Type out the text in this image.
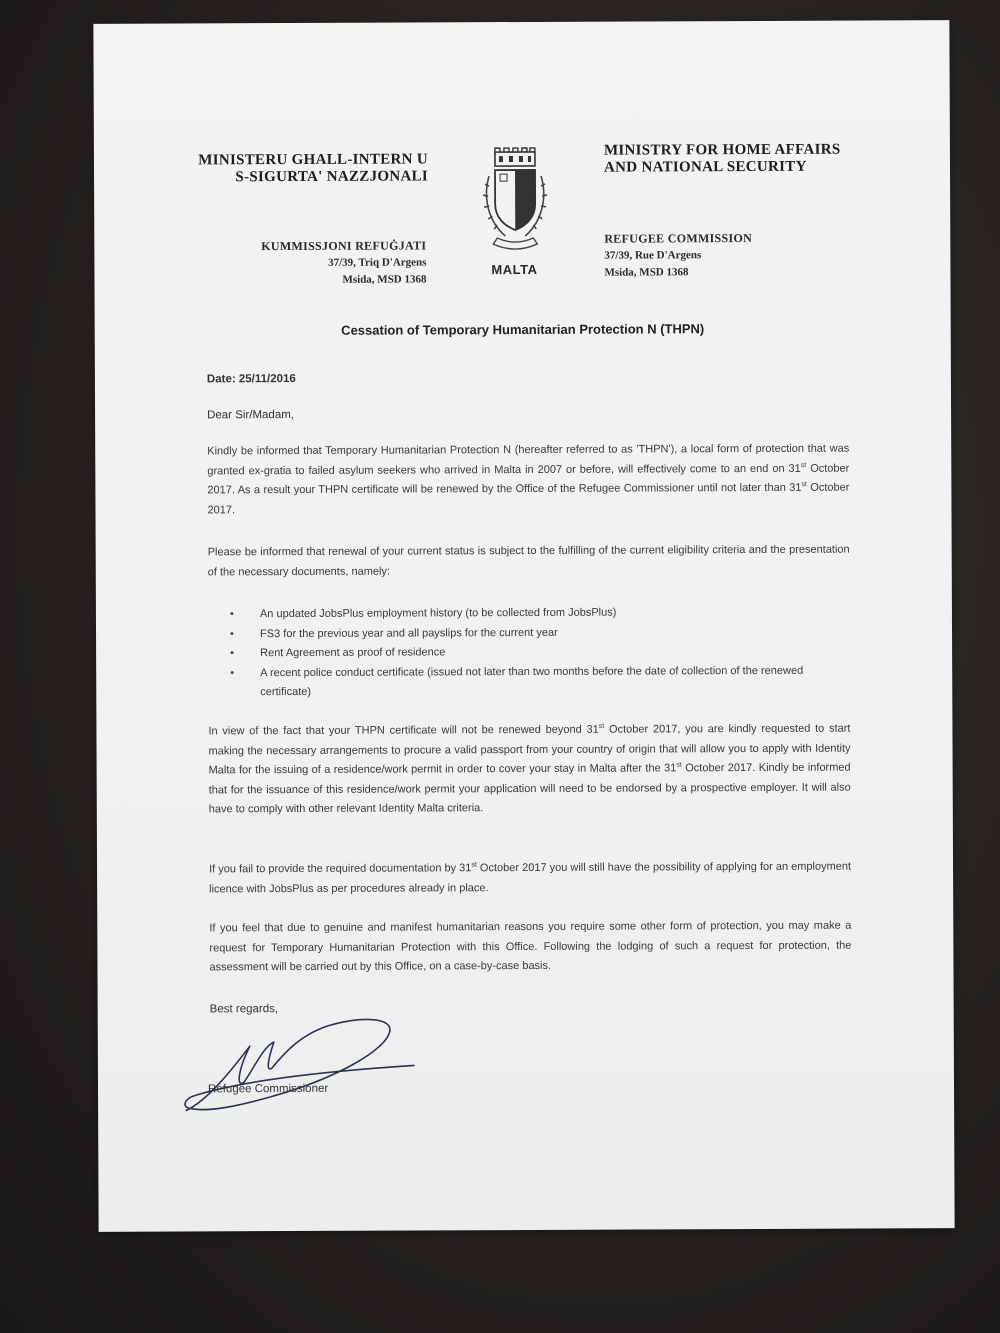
MINISTERU GHALL-INTERN U
S-SIGURTA' NAZZJONALI
MINISTRY FOR HOME AFFAIRS
AND NATIONAL SECURITY
KUMMISSJONI REFUĠJATI
37/39, Triq D'Argens
Msida, MSD 1368
MALTA
REFUGEE COMMISSION
37/39, Rue D'Argens
Msida, MSD 1368
Cessation of Temporary Humanitarian Protection N (THPN)
Date: 25/11/2016
Dear Sir/Madam,
Kindly be informed that Temporary Humanitarian Protection N (hereafter referred to as 'THPN'), a local form of protection that was granted ex-gratia to failed asylum seekers who arrived in Malta in 2007 or before, will effectively come to an end on 31st October 2017. As a result your THPN certificate will be renewed by the Office of the Refugee Commissioner until not later than 31st October 2017.
Please be informed that renewal of your current status is subject to the fulfilling of the current eligibility criteria and the presentation of the necessary documents, namely:
• An updated JobsPlus employment history (to be collected from JobsPlus)
• FS3 for the previous year and all payslips for the current year
• Rent Agreement as proof of residence
• A recent police conduct certificate (issued not later than two months before the date of collection of the renewed certificate)
In view of the fact that your THPN certificate will not be renewed beyond 31st October 2017, you are kindly requested to start making the necessary arrangements to procure a valid passport from your country of origin that will allow you to apply with Identity Malta for the issuing of a residence/work permit in order to cover your stay in Malta after the 31st October 2017. Kindly be informed that for the issuance of this residence/work permit your application will need to be endorsed by a prospective employer. It will also have to comply with other relevant Identity Malta criteria.
If you fail to provide the required documentation by 31st October 2017 you will still have the possibility of applying for an employment licence with JobsPlus as per procedures already in place.
If you feel that due to genuine and manifest humanitarian reasons you require some other form of protection, you may make a request for Temporary Humanitarian Protection with this Office. Following the lodging of such a request for protection, the assessment will be carried out by this Office, on a case-by-case basis.
Best regards,
Refugee Commissioner
